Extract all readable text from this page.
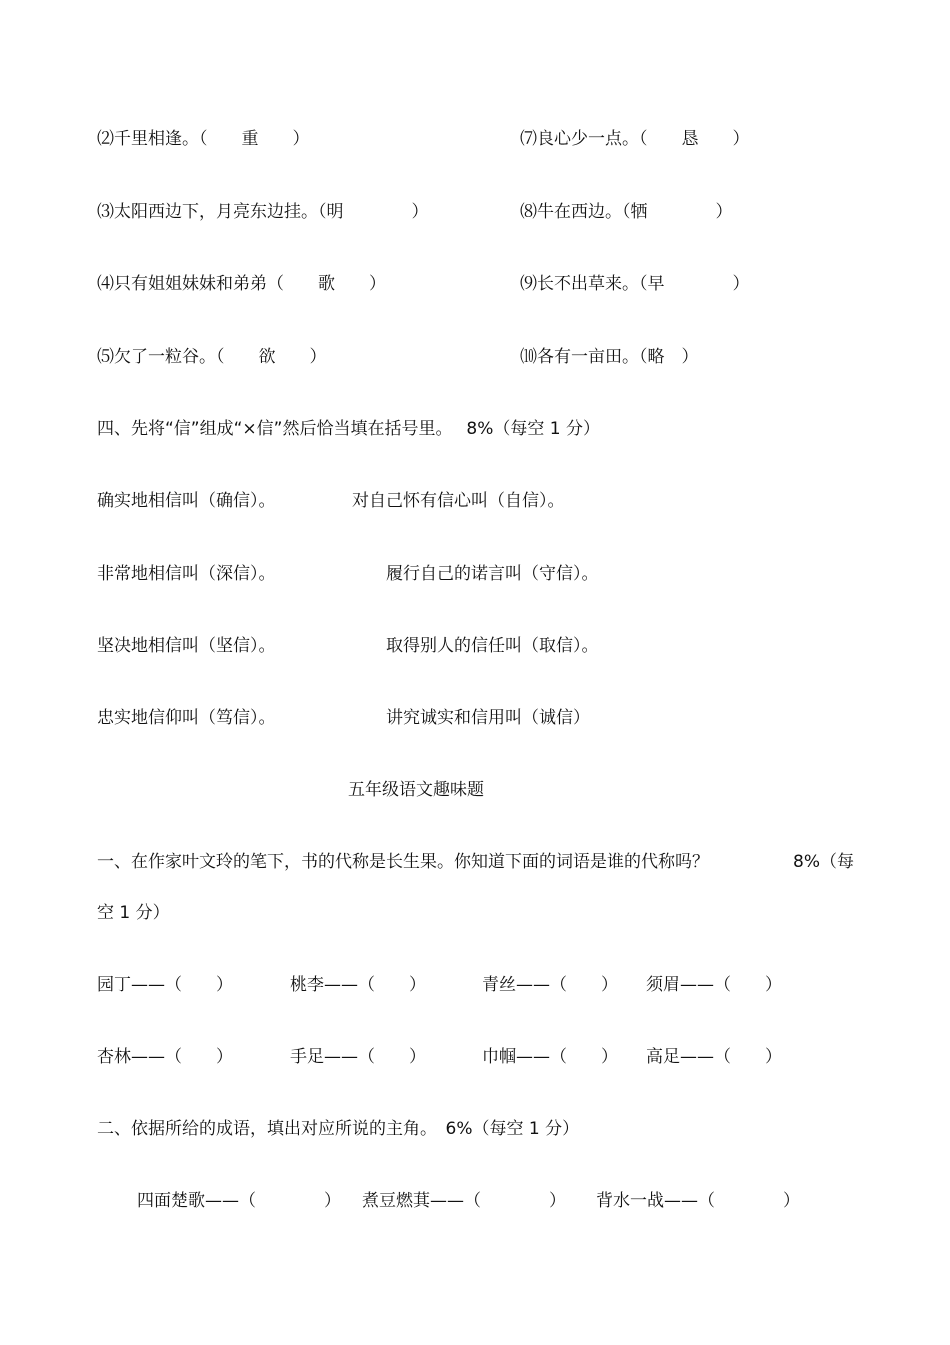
⑵千里相逢。（　　重　　）	⑺良心少一点。（　　恳　　）
⑶太阳西边下，月亮东边挂。（明　　　　）	⑻牛在西边。（牺　　　　）
⑷只有姐姐妹妹和弟弟（　　歌　　）	⑼长不出草来。（早　　　　）
⑸欠了一粒谷。（　　欲　　）	⑽各有一亩田。（略　）
四、先将“信”组成“×信”然后恰当填在括号里。　 8%（每空 1 分）
确实地相信叫（确信）。	对自己怀有信心叫（自信）。
非常地相信叫（深信）。	履行自己的诺言叫（守信）。
坚决地相信叫（坚信）。	取得别人的信任叫（取信）。
忠实地信仰叫（笃信）。	讲究诚实和信用叫（诚信）
五年级语文趣味题
一、在作家叶文玲的笔下，书的代称是长生果。你知道下面的词语是谁的代称吗？	8%（每
空 1 分）
园丁——（　　）	桃李——（　　）	青丝——（　　） 须眉——（　　）
杏林——（　　）	手足——（　　）	巾帼——（　　） 高足——（　　）
二、依据所给的成语，填出对应所说的主角。　6%（每空 1 分）
四面楚歌——（　　　　） 煮豆燃萁——（　　　　） 背水一战——（　　　　）
